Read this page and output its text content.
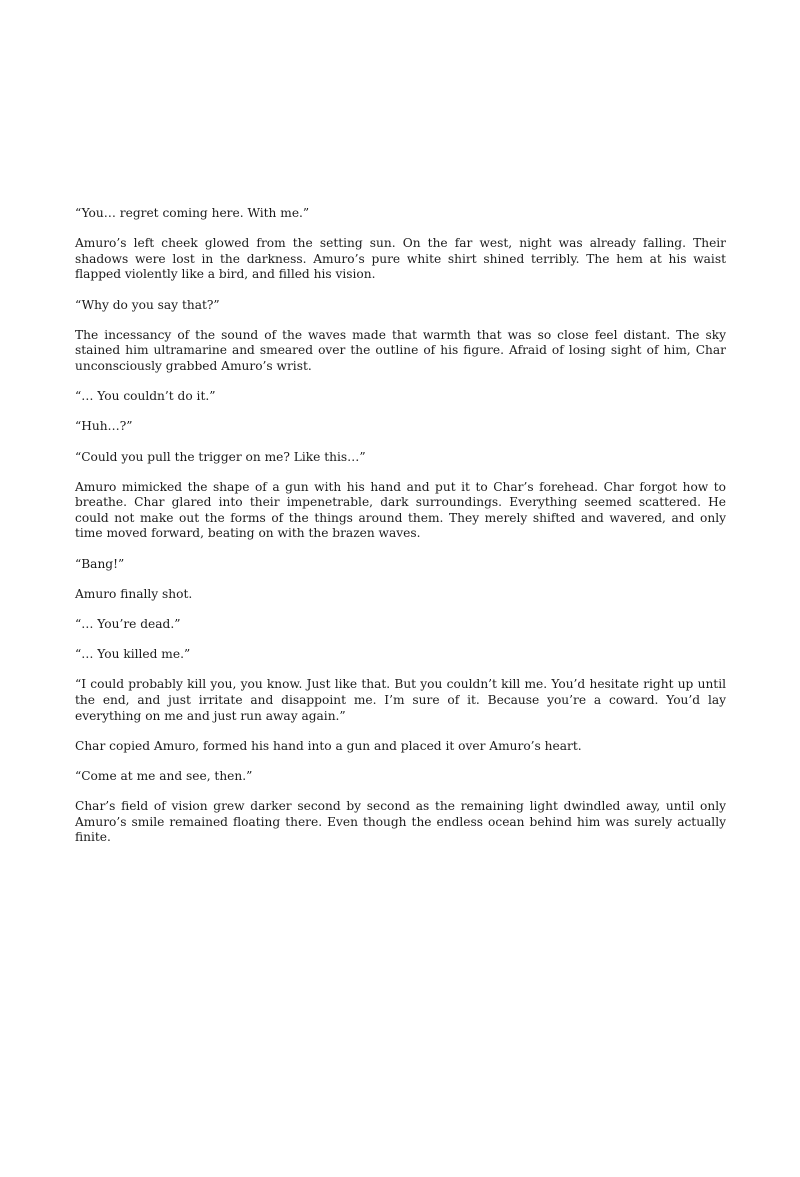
“You… regret coming here. With me.”

Amuro’s left cheek glowed from the setting sun. On the far west, night was already falling. Their shadows were lost in the darkness. Amuro’s pure white shirt shined terribly. The hem at his waist flapped violently like a bird, and filled his vision.

“Why do you say that?”

The incessancy of the sound of the waves made that warmth that was so close feel distant. The sky stained him ultramarine and smeared over the outline of his figure. Afraid of losing sight of him, Char unconsciously grabbed Amuro’s wrist.

“… You couldn’t do it.”

“Huh…?”

“Could you pull the trigger on me? Like this…”

Amuro mimicked the shape of a gun with his hand and put it to Char’s forehead. Char forgot how to breathe. Char glared into their impenetrable, dark surroundings. Everything seemed scattered. He could not make out the forms of the things around them. They merely shifted and wavered, and only time moved forward, beating on with the brazen waves.

“Bang!”

Amuro finally shot.

“… You’re dead.”

“… You killed me.”

“I could probably kill you, you know. Just like that. But you couldn’t kill me. You’d hesitate right up until the end, and just irritate and disappoint me. I’m sure of it. Because you’re a coward. You’d lay everything on me and just run away again.”

Char copied Amuro, formed his hand into a gun and placed it over Amuro’s heart.

“Come at me and see, then.”

Char’s field of vision grew darker second by second as the remaining light dwindled away, until only Amuro’s smile remained floating there. Even though the endless ocean behind him was surely actually finite.
